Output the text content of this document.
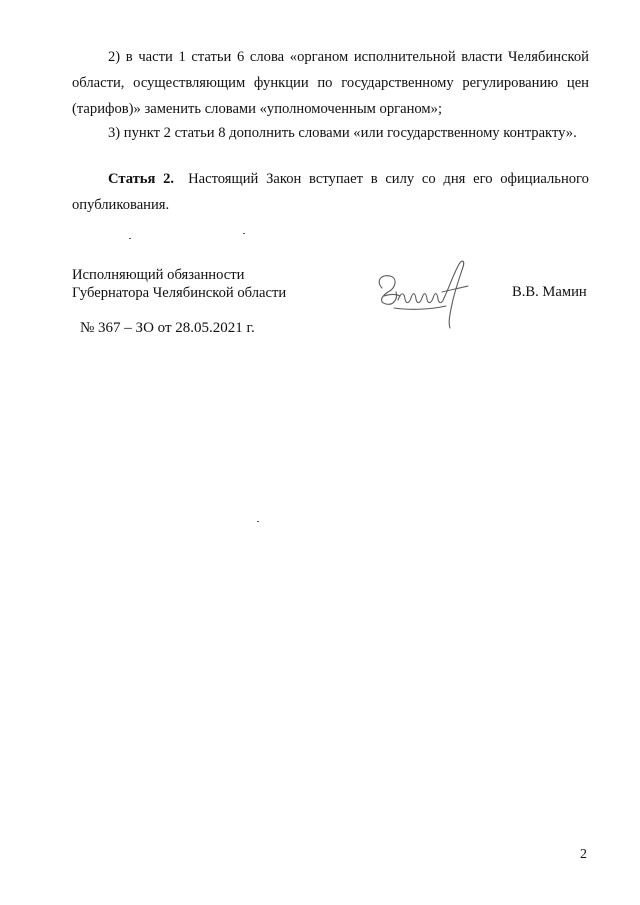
2) в части 1 статьи 6 слова «органом исполнительной власти Челябинской области, осуществляющим функции по государственному регулированию цен (тарифов)» заменить словами «уполномоченным органом»;

3) пункт 2 статьи 8 дополнить словами «или государственному контракту».

Статья 2. Настоящий Закон вступает в силу со дня его официального опубликования.

Исполняющий обязанности
Губернатора Челябинской области	В.В. Мамин
№ 367 – ЗО от 28.05.2021 г.
2
